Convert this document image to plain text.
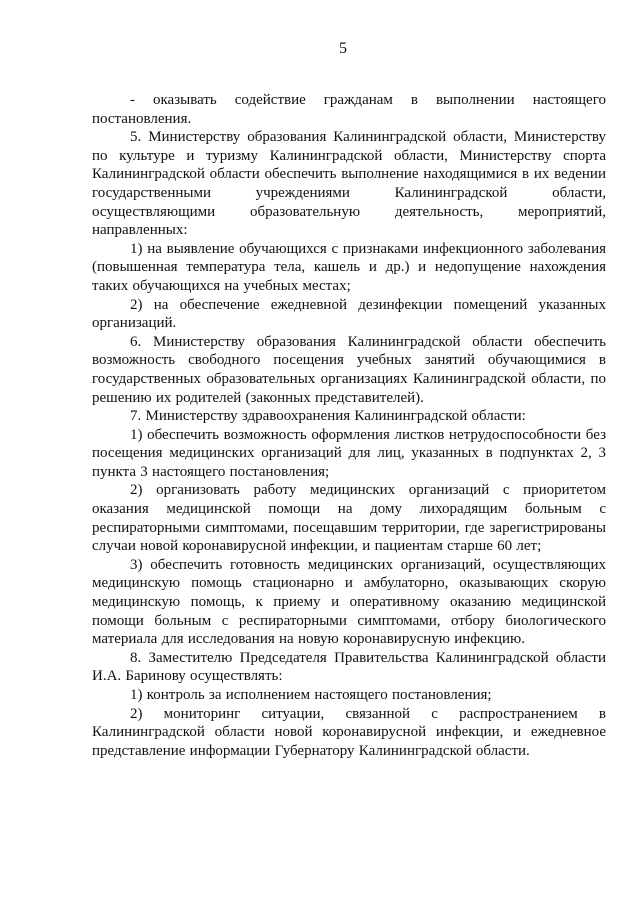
5

- оказывать содействие гражданам в выполнении настоящего постановления.

5. Министерству образования Калининградской области, Министерству по культуре и туризму Калининградской области, Министерству спорта Калининградской области обеспечить выполнение находящимися в их ведении государственными учреждениями Калининградской области, осуществляющими образовательную деятельность, мероприятий, направленных:

1) на выявление обучающихся с признаками инфекционного заболевания (повышенная температура тела, кашель и др.) и недопущение нахождения таких обучающихся на учебных местах;

2) на обеспечение ежедневной дезинфекции помещений указанных организаций.

6. Министерству образования Калининградской области обеспечить возможность свободного посещения учебных занятий обучающимися в государственных образовательных организациях Калининградской области, по решению их родителей (законных представителей).

7. Министерству здравоохранения Калининградской области:

1) обеспечить возможность оформления листков нетрудоспособности без посещения медицинских организаций для лиц, указанных в подпунктах 2, 3 пункта 3 настоящего постановления;

2) организовать работу медицинских организаций с приоритетом оказания медицинской помощи на дому лихорадящим больным с респираторными симптомами, посещавшим территории, где зарегистрированы случаи новой коронавирусной инфекции, и пациентам старше 60 лет;

3) обеспечить готовность медицинских организаций, осуществляющих медицинскую помощь стационарно и амбулаторно, оказывающих скорую медицинскую помощь, к приему и оперативному оказанию медицинской помощи больным с респираторными симптомами, отбору биологического материала для исследования на новую коронавирусную инфекцию.

8. Заместителю Председателя Правительства Калининградской области И.А. Баринову осуществлять:

1) контроль за исполнением настоящего постановления;

2) мониторинг ситуации, связанной с распространением в Калининградской области новой коронавирусной инфекции, и ежедневное представление информации Губернатору Калининградской области.
